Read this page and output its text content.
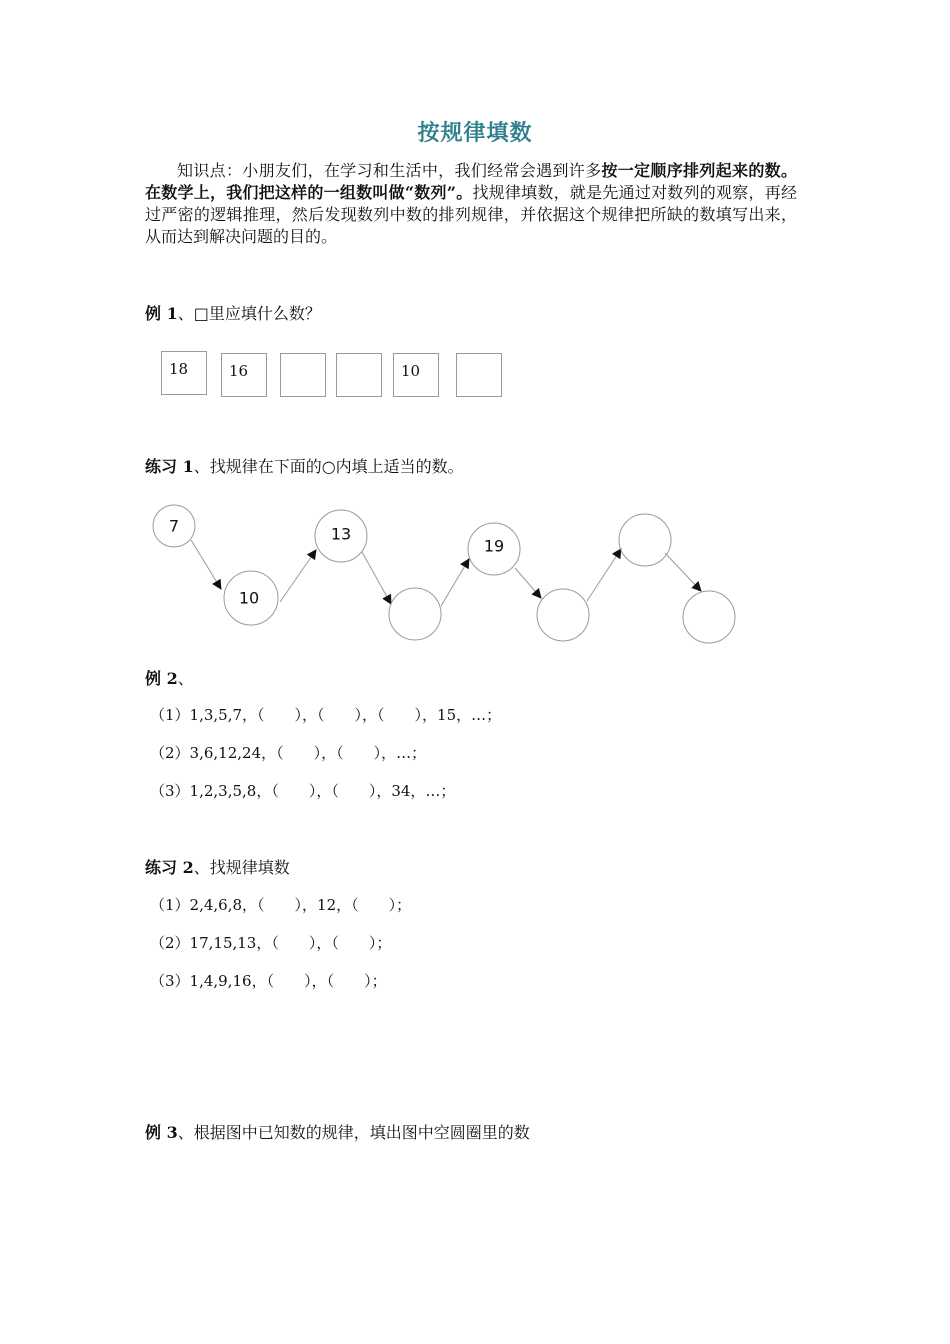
按规律填数
知识点：小朋友们，在学习和生活中，我们经常会遇到许多按一定顺序排列起来的数。在数学上，我们把这样的一组数叫做“数列”。找规律填数，就是先通过对数列的观察，再经过严密的逻辑推理，然后发现数列中数的排列规律，并依据这个规律把所缺的数填写出来，从而达到解决问题的目的。
例 1、□里应填什么数？
18	16	10
练习 1、找规律在下面的○内填上适当的数。
7
10
13
19
例 2、
（1）1,3,5,7，（　　），（　　），（　　），15，…；
（2）3,6,12,24，（　　），（　　），…；
（3）1,2,3,5,8，（　　），（　　），34，…；
练习 2、找规律填数
（1）2,4,6,8，（　　），12，（　　）；
（2）17,15,13，（　　），（　　）；
（3）1,4,9,16，（　　），（　　）；
例 3、根据图中已知数的规律，填出图中空圆圈里的数
